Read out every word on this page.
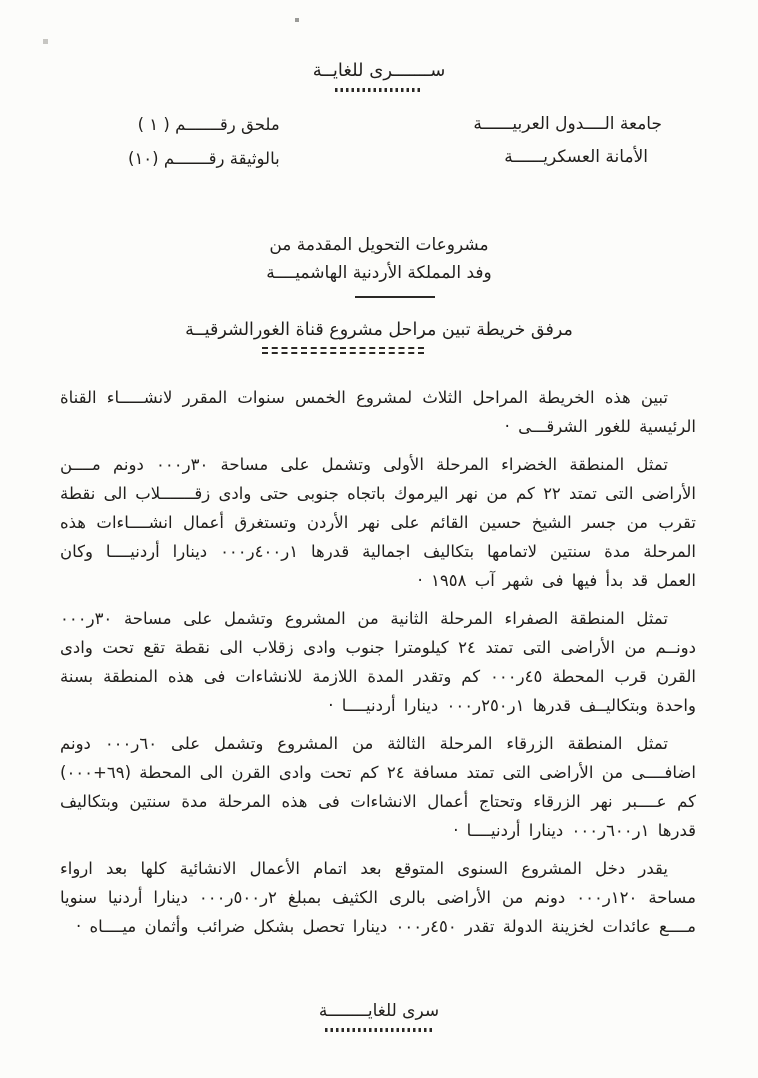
ســـــــرى للغايــة
جامعة الــــدول العربيــــــة
الأمانة العسكريــــــة
ملحق رقـــــــم ( ١ )
بالوثيقة رقـــــــم (١٠)
مشروعات التحويل المقدمة من
وفد المملكة الأردنية الهاشميــــة
مرفق خريطة تبين مراحل مشروع قناة الغورالشرقيــة

تبين هذه الخريطة المراحل الثلاث لمشروع الخمس سنوات المقرر لانشـــــاء القناة الرئيسية للغور الشرقـــى ·

تمثل المنطقة الخضراء المرحلة الأولى وتشمل على مساحة ٣٠ر٠٠٠ دونم مــــن الأراضى التى تمتد ٢٢ كم من نهر اليرموك باتجاه جنوبى حتى وادى زقـــــــلاب الى نقطة تقرب من جسر الشيخ حسين القائم على نهر الأردن وتستغرق أعمال انشــــاءات هذه المرحلة مدة سنتين لاتمامها بتكاليف اجمالية قدرها ١ر٤٠٠ر٠٠٠ دينارا أردنيــــا وكان العمل قد بدأ فيها فى شهر آب ١٩٥٨ ·

تمثل المنطقة الصفراء المرحلة الثانية من المشروع وتشمل على مساحة ٣٠ر٠٠٠ دونــم من الأراضى التى تمتد ٢٤ كيلومترا جنوب وادى زقلاب الى نقطة تقع تحت وادى القرن قرب المحطة ٤٥ر٠٠٠ كم وتقدر المدة اللازمة للانشاءات فى هذه المنطقة بسنة واحدة وبتكاليــف قدرها ١ر٢٥٠ر٠٠٠ دينارا أردنيــــا ·

تمثل المنطقة الزرقاء المرحلة الثالثة من المشروع وتشمل على ٦٠ر٠٠٠ دونم اضافــــى من الأراضى التى تمتد مسافة ٢٤ كم تحت وادى القرن الى المحطة (⁦٦٩+٠٠٠⁩) كم عــــبر نهر الزرقاء وتحتاج أعمال الانشاءات فى هذه المرحلة مدة سنتين وبتكاليف قدرها ١ر٦٠٠ر٠٠٠ دينارا أردنيــــا ·

يقدر دخل المشروع السنوى المتوقع بعد اتمام الأعمال الانشائية كلها بعد ارواء مساحة ١٢٠ر٠٠٠ دونم من الأراضى بالرى الكثيف بمبلغ ٢ر٥٠٠ر٠٠٠ دينارا أردنيا سنويا مــــع عائدات لخزينة الدولة تقدر ٤٥٠ر٠٠٠ دينارا تحصل بشكل ضرائب وأثمان ميــــاه ·

سرى للغايــــــــة
